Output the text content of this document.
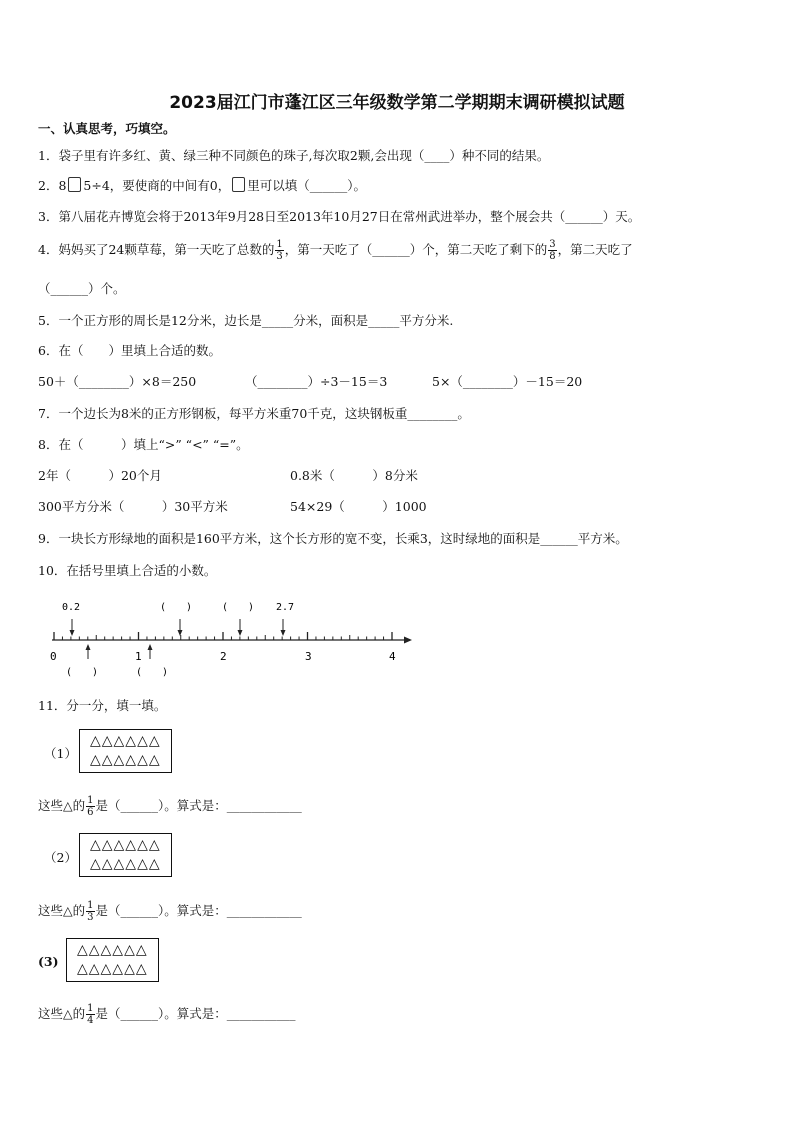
2023届江门市蓬江区三年级数学第二学期期末调研模拟试题
一、认真思考，巧填空。
1．袋子里有许多红、黄、绿三种不同颜色的珠子,每次取2颗,会出现（____）种不同的结果。
2．8 5÷4，要使商的中间有0， 里可以填（______）。
3．第八届花卉博览会将于2013年9月28日至2013年10月27日在常州武进举办，整个展会共（______）天。
4．妈妈买了24颗草莓，第一天吃了总数的 $\frac{1}{3}$ ，第一天吃了（______）个，第二天吃了剩下的 $\frac{3}{8}$ ，第二天吃了
（______）个。
5．一个正方形的周长是12分米，边长是_____分米，面积是_____平方分米.
6．在（　　）里填上合适的数。
50＋（________）×8＝250	（________）÷3－15＝3	5×（________）－15＝20
7．一个边长为8米的正方形钢板，每平方米重70千克，这块钢板重________。
8．在（　　　）填上“>” “<” “=”。
2年（　　　）20个月	0.8米（　　　）8分米
300平方分米（　　　）30平方米	54×29（　　　）1000
9．一块长方形绿地的面积是160平方米，这个长方形的宽不变，长乘3，这时绿地的面积是______平方米。
10．在括号里填上合适的小数。
0.2	(　　)	(　　) 2.7
0	1	2	3	4
(　　)	(　　)
11．分一分，填一填。
（1）
△△△△△△
△△△△△△
这些△的 $\frac{1}{6}$ 是（______）。算式是：____________
（2）
△△△△△△
△△△△△△
这些△的 $\frac{1}{3}$ 是（______）。算式是：____________
(3)
△△△△△△
△△△△△△
这些△的 $\frac{1}{4}$ 是（______）。算式是：___________
